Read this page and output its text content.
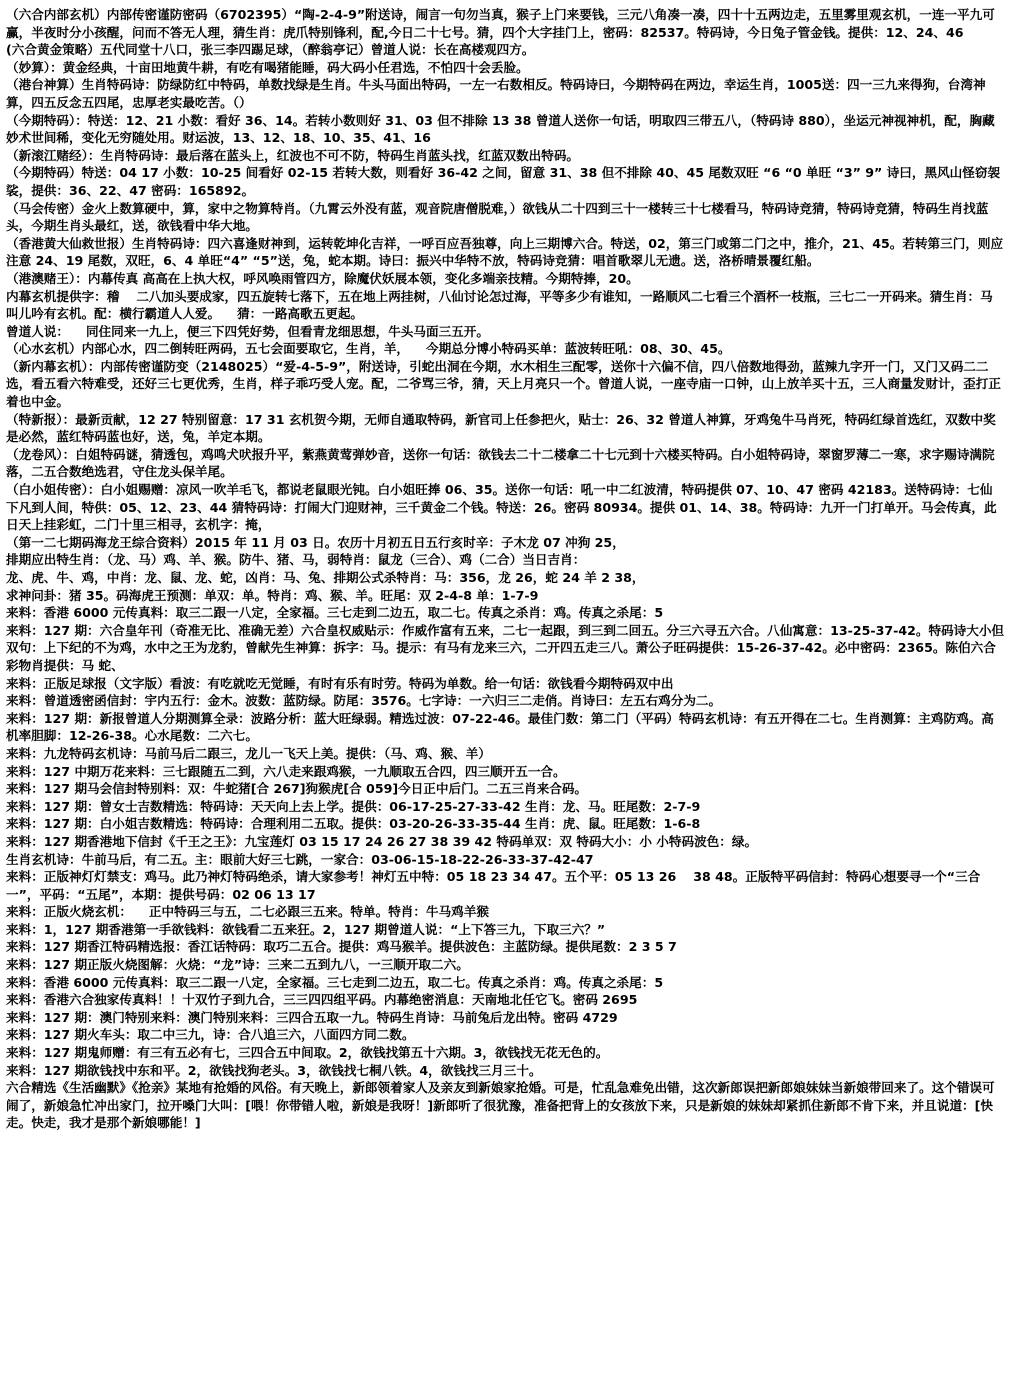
（六合内部玄机）内部传密谨防密码（6702395）“陶-2-4-9”附送诗，闹言一句勿当真，猴子上门来要钱，三元八角凑一凑，四十十五两边走，五里雾里观玄机，一连一平九可赢，半夜时分小孩醒，问而不答无人理，猜生肖：虎爪特别锋利，配,今日二十七号。猜，四个大字挂门上，密码：82537。特码诗，今日兔子管金钱。提供：12、24、46

(六合黄金策略）五代同堂十八口，张三李四踢足球，（醉翁亭记）曾道人说：长在高楼观四方。

（妙算）：黄金经典，十亩田地黄牛耕，有吃有喝猪能睡，码大码小任君选，不怕四十会丢脸。

（港台神算）生肖特码诗：防绿防红中特码，单数找绿是生肖。牛头马面出特码，一左一右数相反。特码诗曰，今期特码在两边，幸运生肖，1005送：四一三九来得狗，台湾神算，四五反念五四尾，忠厚老实最吃苦。（）

（今期特码）：特送：12、21 小数：看好 36、14。若转小数则好 31、03 但不排除 13 38 曾道人送你一句话，明取四三带五八，（特码诗 880），坐运元神视神机，配，胸藏妙术世间稀，变化无穷随处用。财运波，13、12、18、10、35、41、16

（新滚江赌经）：生肖特码诗：最后落在蓝头上，红波也不可不防，特码生肖蓝头找，红蓝双数出特码。

（今期特码）特送：04 17 小数：10-25 间看好 02-15 若转大数，则看好 36-42 之间，留意 31、38 但不排除 40、45 尾数双旺 “6 “0 单旺 “3” 9” 诗曰，黑风山怪窃袈裟，提供：36、22、47 密码：165892。

（马会传密）金火上数算硬中，算，家中之物算特肖。（九霄云外没有蓝，观音院唐僧脱难，）欲钱从二十四到三十一楼转三十七楼看马，特码诗竞猜，特码诗竞猜，特码生肖找蓝头，今期生肖头最红，送，欲钱看中华大地。

（香港黄大仙救世报）生肖特码诗：四六喜逢财神到，运转乾坤化吉祥，一呼百应吾独尊，向上三期博六合。特送，02，第三门或第二门之中，推介，21、45。若转第三门，则应注意 24、19 尾数，双旺，6、4 单旺“4” “5”送，兔，蛇本期。诗曰：振兴中华特不放，特码诗竞猜：唱首歌翠儿无遗。送，洛桥晴景覆红船。

（港澳赌王）：内幕传真 高高在上执大权，呼风唤雨管四方，除魔伏妖展本领，变化多端亲技精。今期特捧，20。

内幕玄机提供字：稽 　二八加头要成家，四五旋转七落下，五在地上两挂树，八仙讨论怎过海，平等多少有谁知，一路顺风二七看三个酒杯一枝瓶，三七二一开码来。猜生肖：马叫儿吟有玄机。配：横行霸道人人爱。 　猜：一路高歌五更起。

曾道人说： 　同住同来一九上，便三下四凭好势，但看青龙细思想，牛头马面三五开。

（心水玄机）内部心水，四二倒转旺两码，五七会面要取它，生肖，羊， 　今期总分博小特码买单：蓝波转旺吼：08、30、45。

（新内幕玄机）：内部传密谨防变（2148025）“爱-4-5-9”，附送诗，引蛇出洞在今期，水木相生三配零，送你十六偏不信，四八倍数地得劲，蓝辣九字开一门，又门又码二二选，看五看六特难受，还好三七更优秀，生肖，样子乖巧受人宠。配，二爷骂三爷，猜，天上月亮只一个。曾道人说，一座寺庙一口钟，山上放羊买十五，三人商量发财计，歪打正着也中金。

（特新报）：最新贡献，12 27 特别留意：17 31 玄机贺今期，无师自通取特码，新官司上任参把火，贴士：26、32 曾道人神算，牙鸡兔牛马肖死，特码红绿首选红，双数中奖是必然，蓝红特码蓝也好，送，兔，羊定本期。

（龙卷风）：白姐特码谜，猜透包，鸡鸣犬吠报升平，紫燕黄莺弹妙音，送你一句话：欲钱去二十二楼拿二十七元到十六楼买特码。白小姐特码诗，翠窗罗薄二一寒，求字赐诗满院落，二五合数绝选君，守住龙头保羊尾。

（白小姐传密）：白小姐赐赠：凉风一吹羊毛飞，都说老鼠眼光钝。白小姐旺捧 06、35。送你一句话：吼一中二红波清，特码提供 07、10、47 密码 42183。送特码诗：七仙下凡到人间，特供：05、12、23、44 猜特码诗：打闹大门迎财神，三千黄金二个钱。特送：26。密码 80934。提供 01、14、38。特码诗：九开一门打单开。马会传真，此日天上挂彩虹，二门十里三相寻，玄机字：掩，

（第一二七期码海龙王综合资料）2015 年 11 月 03 日。农历十月初五日五行亥时辛：子木龙 07 冲狗 25，

排期应出特生肖：（龙、马）鸡、羊、猴。防牛、猪、马，弱特肖：鼠龙（三合）、鸡（二合）当日吉肖：

龙、虎、牛、鸡，中肖：龙、鼠、龙、蛇，凶肖：马、兔、排期公式杀特肖：马：356，龙 26，蛇 24 羊 2 38，

求神问卦：猪 35。码海虎王预测：单双：单。特肖：鸡、猴、羊。旺尾：双 2-4-8 单：1-7-9

来料：香港 6000 元传真料：取三二跟一八定，全家福。三七走到二边五，取二七。传真之杀肖：鸡。传真之杀尾：5

来料：127 期：六合皇年刊（奇准无比、准确无差）六合皇权威贴示：作威作富有五来，二七一起跟，到三到二回五。分三六寻五六合。八仙寓意：13-25-37-42。特码诗大小但双句：上下纪的不为鸡，水中之王为龙豹，曾献先生神算：拆字：马。提示：有马有龙来三六，二开四五走三八。萧公子旺码提供：15-26-37-42。必中密码：2365。陈伯六合彩物肖提供：马 蛇、

来料：正版足球报（文字版）看波：有吃就吃无觉睡，有时有乐有时劳。特码为单数。给一句话：欲钱看今期特码双中出

来料：曾道透密函信封：宇内五行：金木。波数：蓝防绿。防尾：3576。七字诗：一六归三二走俏。肖诗曰：左五右鸡分为二。

来料：127 期：新报曾道人分期测算全录：波路分析：蓝大旺绿弱。精选过波：07-22-46。最佳门数：第二门（平码）特码玄机诗：有五开得在二七。生肖测算：主鸡防鸡。高机率胆脚：12-26-38。心水尾数：二六七。

来料：九龙特码玄机诗：马前马后二跟三，龙儿一飞天上美。提供：（马、鸡、猴、羊）

来料：127 中期万花来料：三七跟随五二到，六八走来跟鸡猴，一九顺取五合四，四三顺开五一合。

来料：127 期马会信封特别料：双：牛蛇猪[合 267]狗猴虎[合 059]今日正中后门。二五三肖来合码。

来料：127 期：曾女士吉数精选：特码诗：天天向上去上学。提供：06-17-25-27-33-42 生肖：龙、马。旺尾数：2-7-9

来料：127 期：白小姐吉数精选：特码诗：合理利用二五取。提供：03-20-26-33-35-44 生肖：虎、鼠。旺尾数：1-6-8

来料：127 期香港地下信封《千王之王》：九宝莲灯 03 15 17 24 26 27 38 39 42 特码单双：双 特码大小：小 小特码波色：绿。

生肖玄机诗：牛前马后，有二五。主：眼前大好三七跳，一家合：03-06-15-18-22-26-33-37-42-47

来料：正版神灯灯禁支：鸡马。此乃神灯特码绝杀，请大家参考！神灯五中特：05 18 23 34 47。五个平：05 13 26 　38 48。正版特平码信封：特码心想要寻一个“三合一”，平码：“五尾”，本期：提供号码：02 06 13 17

来料：正版火烧玄机： 　正中特码三与五，二七必跟三五来。特单。特肖：牛马鸡羊猴

来料：1，127 期香港第一手欲钱料：欲钱看二五来狂。2，127 期曾道人说：“上下答三九，下取三六？”

来料：127 期香江特码精选报：香江话特码：取巧二五合。提供：鸡马猴羊。提供波色：主蓝防绿。提供尾数：2 3 5 7

来料：127 期正版火烧图解：火烧：“龙”诗：三来二五到九八，一三顺开取二六。

来料：香港 6000 元传真料：取三二跟一八定，全家福。三七走到二边五，取二七。传真之杀肖：鸡。传真之杀尾：5

来料：香港六合独家传真料！！十双竹子到九合，三三四四组平码。内幕绝密消息：天南地北任它飞。密码 2695

来料：127 期：澳门特别来料：澳门特别来料：三四合五取一九。特码生肖诗：马前兔后龙出特。密码 4729

来料：127 期火车头：取二中三九，诗：合八追三六，八面四方同二数。

来料：127 期鬼师赠：有三有五必有七，三四合五中间取。2，欲钱找第五十六期。3，欲钱找无花无色的。

来料：127 期欲钱找中东和平。2，欲钱找狗老头。3，欲钱找七桐八铁。4，欲钱找三月三十。

六合精选《生活幽默》《抢亲》某地有抢婚的风俗。有天晚上，新郎领着家人及亲友到新娘家抢婚。可是，忙乱急难免出错，这次新郎误把新郎娘妹妹当新娘带回来了。这个错误可闹了，新娘急忙冲出家门，拉开嗓门大叫：[喂！你带错人啦，新娘是我呀！]新郎听了很犹豫，准备把背上的女孩放下来，只是新娘的妹妹却紧抓住新郎不肯下来，并且说道：[快走。快走，我才是那个新娘哪能！]
